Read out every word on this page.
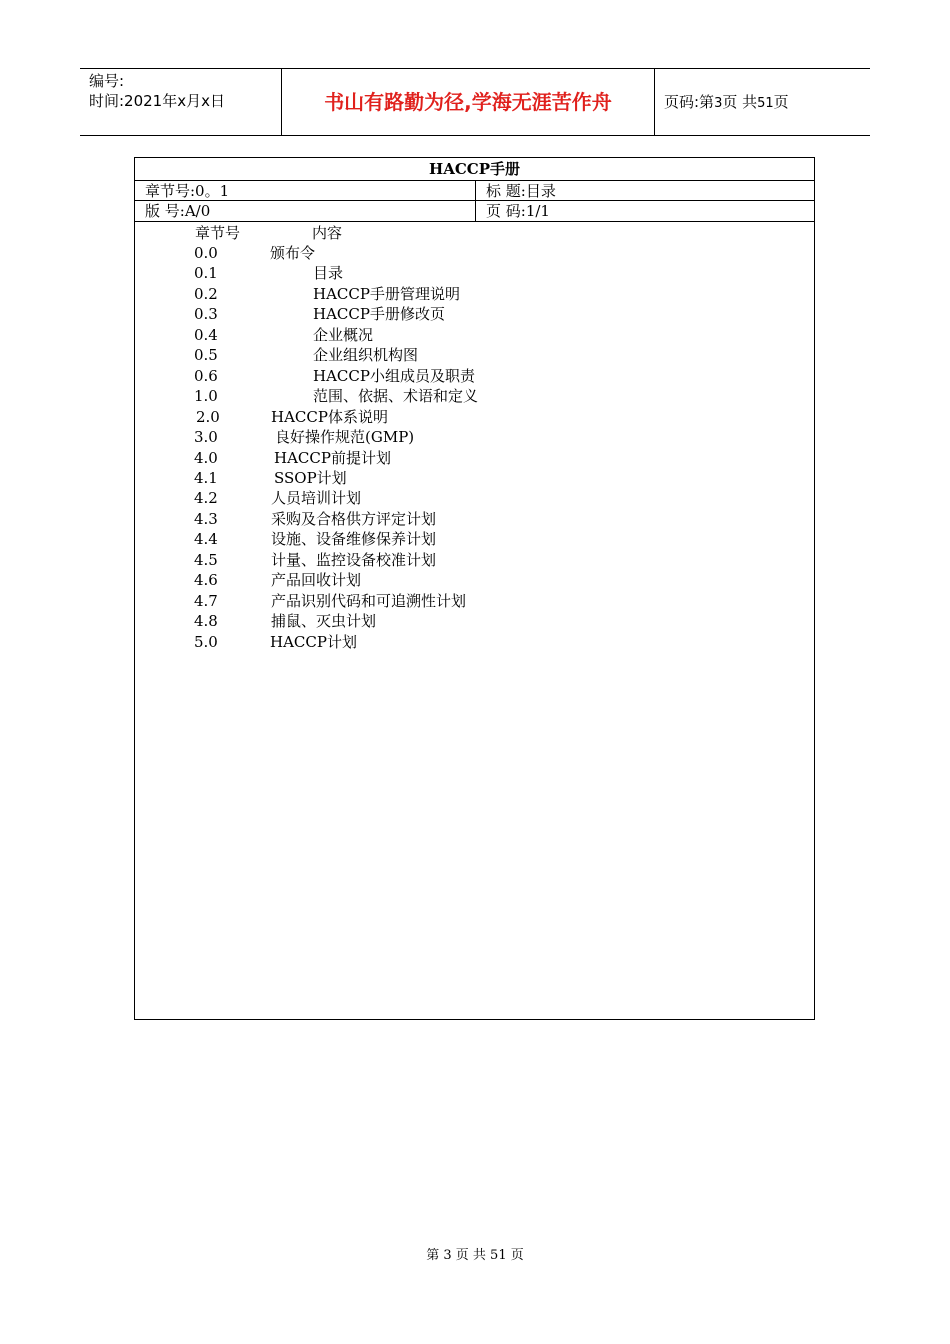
编号:
时间:2021年x月x日	书山有路勤为径,学海无涯苦作舟	页码:第3页 共51页
HACCP手册
章节号:0。1	标 题:目录
版 号:A/0	页 码:1/1
章节号	内容
0.0	颁布令
0.1	目录
0.2	HACCP手册管理说明
0.3	HACCP手册修改页
0.4	企业概况
0.5	企业组织机构图
0.6	HACCP小组成员及职责
1.0	范围、依据、术语和定义
2.0	HACCP体系说明
3.0	良好操作规范(GMP)
4.0	HACCP前提计划
4.1	SSOP计划
4.2	人员培训计划
4.3	采购及合格供方评定计划
4.4	设施、设备维修保养计划
4.5	计量、监控设备校准计划
4.6	产品回收计划
4.7	产品识别代码和可追溯性计划
4.8	捕鼠、灭虫计划
5.0	HACCP计划
第 3 页 共 51 页
